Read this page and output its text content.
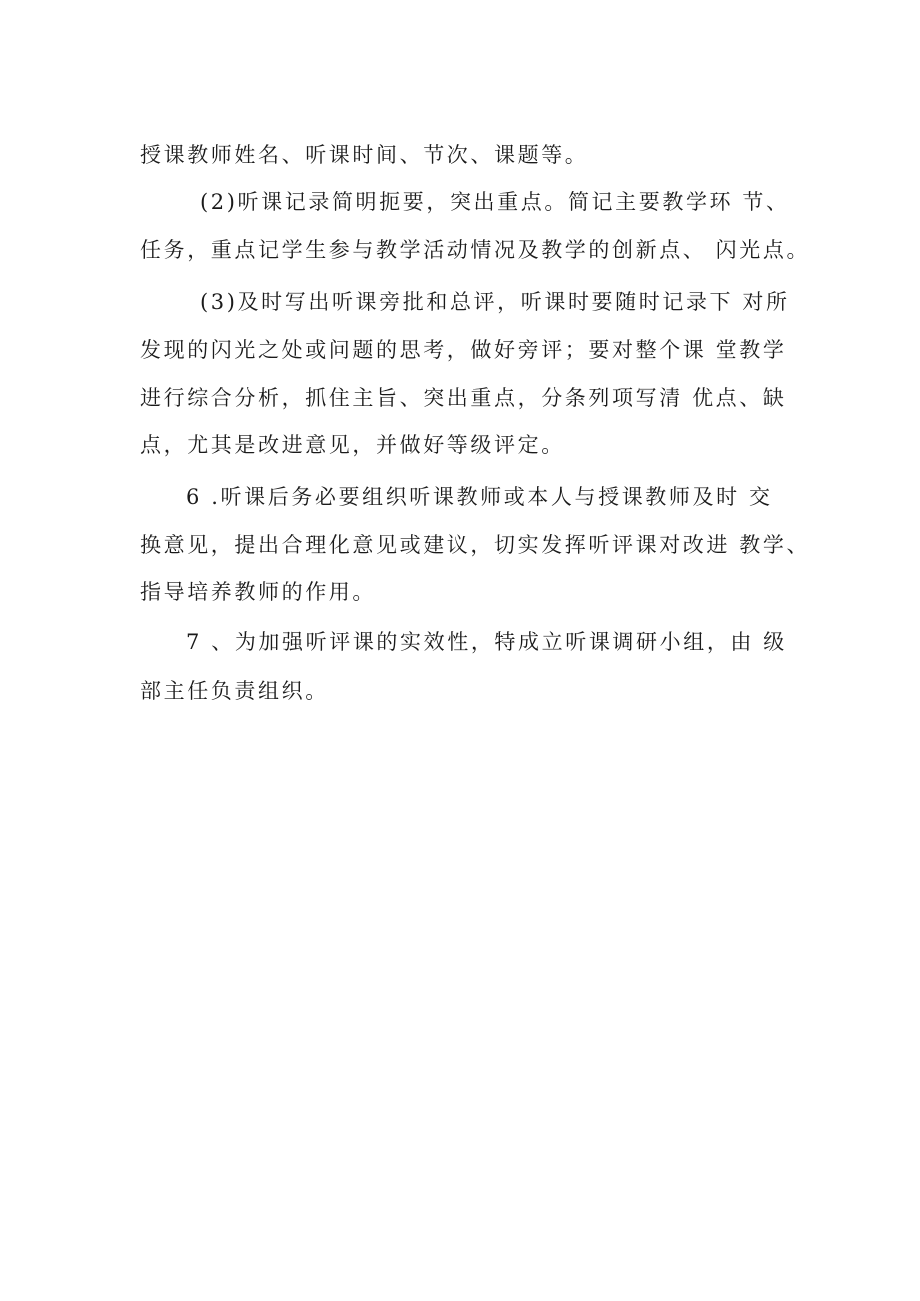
授课教师姓名、听课时间、节次、课题等。
(2)听课记录简明扼要，突出重点。简记主要教学环 节、
任务，重点记学生参与教学活动情况及教学的创新点、 闪光点。
(3)及时写出听课旁批和总评，听课时要随时记录下 对所
发现的闪光之处或问题的思考，做好旁评；要对整个课 堂教学
进行综合分析，抓住主旨、突出重点，分条列项写清 优点、缺
点，尤其是改进意见，并做好等级评定。
6 .听课后务必要组织听课教师或本人与授课教师及时 交
换意见，提出合理化意见或建议，切实发挥听评课对改进 教学、
指导培养教师的作用。
7 、为加强听评课的实效性，特成立听课调研小组，由 级
部主任负责组织。
